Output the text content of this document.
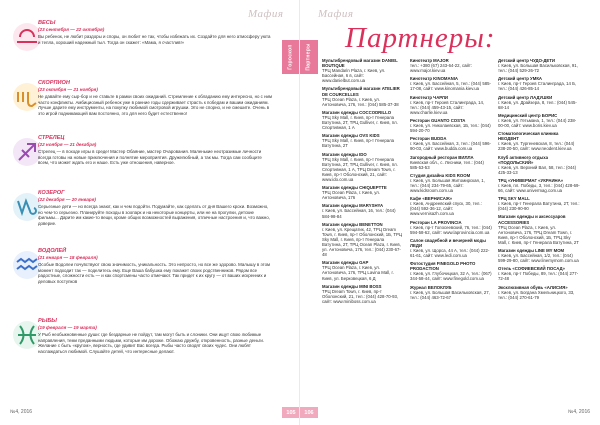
Мафия
Гороскоп
ВЕСЫ
(23 сентября — 22 октября)
Вы ребенок, не любит раздоры и споры, он любит не так, чтобы избежать их. Создайте для него атмосферу уюта и тепла, хороший надежный тыл. Тогда он скажет: «Мама, я счастлив!»
СКОРПИОН
(23 октября — 21 ноября)
Не давайте ему сыр-бор и не ставьте в рамки своих ожиданий. Стремление к обладанию ему интересно, но с ним часто конфликты. Амбициозный ребенок уже в ранние годы сдерживает страсть к победам и вашим ожиданиям. Лучше дарите ему инструменты, на покупку любимой смотровой игрушки. Это не спорно, и не смешите. Очень в это игрой поднимающей вам постоянно, это для него будет естественно!
СТРЕЛЕЦ
(22 ноября — 21 декабря)
Стрелец — в походе игры в среде! Мастер Обаяние, мастер Очарования. Маленькие неотразимые личности всегда готовы на новые приключения и полнятие мероприятия. Дружелюбный, а так мы. Тогда сам сообщите всем, что может ждать его и наше. Есть уже отношения, наверное.
КОЗЕРОГ
(22 декабря — 20 января)
Серьезные дети — но всегда знают, как и чем подойти. Подумайте, как сделать от дня Вашего крохи. Возможно, но чем-то серьезно. Планируйте походы в зоопарк и на некоторые концерты, или не на прогулки, детские фильмы... Дарите им какие-то вещи, кроме общих возможностей выражения, отличные настроения и, что важно, доверие.
ВОДОЛЕЙ
(21 января — 18 февраля)
Особые Водолеи почувствуют свою значимость, уникальность. Это непросто, но все же здорово. Малышу в этом момент подходит так — поделитесь ему. Еще Ваша бабушка ему покажет своих родственников. Рядом все радостные, сложности есть — и как спортсмены часто отмечают. Так придет к их кругу — от ваших искренних и деловых поступков
РЫБЫ
(19 февраля — 19 марта)
У Рыб необыкновенные души: где бездарные не пойдут, там могут быть и слоники. Они ищут свою любимые направления, теми преданными людьми, которые им дороже. Обожаю дружбу, откровенность, разные деньги. Желание с быть «кругом», верность, где удивит Вас всегда. Рыбы часто сводят своих чудес. Они любят наслаждаться любимой. Слушайте детей, что интересные делают.
№4, 2016	105
Мафия
Партнеры
№4, 2016
106
Партнеры:
Мультибрендовый магазин DANIEL BOUTIQUE
ТРЦ Mandarin Plaza, г. Киев, ул. Бассейная, 6 в, сайт: www.danielbut.com.ua
Мультибрендовый магазин ATELIER DE COURCELLES
ТРЦ Ocean Plaza, г. Киев, ул. Антоновича, 176, тел.: (044) 585-37-38
Магазин одежды COCCODRILLO
ТРЦ Sky Mall, г. Киев, пр-т Генерала Ватутина, 2Т, ТРЦ Gulliver, г. Киев, пл. Спортивная, 1 А
Магазин одежды OVS KIDS
ТРЦ Sky Mall, г. Киев, пр-т Генерала Ватутина, 2Т
Магазин одежды IDO
ТРЦ Sky Mall, г. Киев, пр-т Генерала Ватутина, 2Т, ТРЦ Gulliver, г. Киев, пл. Спортивная, 1 А, ТРЦ Dream Town, г. Киев, пр-т Оболонский, 21, сайт: www.ido.com.ua
Магазин одежды CHIQUEPTTE
ТРЦ Ocean Plaza, г. Киев, ул. Антоновича, 176
Магазин одежды MARYSHYA
г. Киев, ул. Бассейная, 16, тел.: (044) 584-98-84
Магазин одежды BENETTON
г. Киев, ул. Крещатик, 42, ТРЦ Dream Town, г. Киев, пр-т Оболонский, 1Б, ТРЦ Sky Mall, г. Киев, пр-т Генерала Ватутина, 2Т, ТРЦ Ocean Plaza, г. Киев, ул. Антоновича, 176, тел.: (044) 230-67-48
Магазин одежды GAP
ТРЦ Ocean Plaza, г. Киев, ул. Антоновича, 176, ТРЦ Lavina Mall, г. Киев, ул. Берковецкая, 6 Д
Магазин одежды MINI BOSS
ТРЦ Dream Town, г. Киев, пр-т Оболонский, 21, тел.: (044) 428-70-93, сайт: www.miniboss.com.ua
Кинотеатр MAJOR
тел.: +380 (67) 243-64-22, сайт: www.major.kiev.ua
Кинотеатр KINOMANIA
г. Киев, ул. Бассейная, 5, тел.: (044) 585-17-08, сайт: www.kinomania.kiev.ua
Кинотеатр ЧАРЛИ
г. Киев, пр-т Героев Сталинграда, 14, тел.: (044) 459-43-15, сайт: www.charlie.kiev.ua
Ресторан GUANTO COSTA
г. Киев, ул. Николаевская, 1Б, тел.: (044) 594-20-70
Ресторан BUDDA
г. Киев, ул. Бассейная, 3, тел.: (044) 596-90-03, сайт: www.budda.com.ua
Загородный ресторан ВИЛЛА
Киевская обл., с. Лесники, тел.: (044) 585-53-53
Студия дизайна KIDS ROOM
г. Киев, ул. Большая Житомирская, 1, тел.: (044) 234-79-65, сайт: www.kidsroom.com.ua
Кафе «ВЕРНИСАЖ»
г. Киев, Андреевский спуск, 30, тел.: (044) 592-36-12, сайт: www.vernisazh.com.ua
Ресторан LA PROVINCIA
г. Киев, пр-т Голосеевский, 76, тел.: (044) 594-58-62, сайт: www.laprovincia.com.ua
Салон свадебной и вечерней моды ЛЕДИ
г. Киев, ул. Щорса, 44 А, тел.: (044) 222-61-61, сайт: www.ledi.com.ua
Фотостудия FINEGOLD PHOTO PRODACTION
г. Киев, ул. Глубочицкая, 32 А, тел.: (067) 344-58-44, сайт: www.finegold.com.ua
Журнал ВЕЛОКЛУБ
г. Киев, ул. Большая Васильковская, 27, тел.: (044) 463-72-67
Детский центр ЧУДО-ДЕТИ
г. Киев, ул. Большая Васильковская, 91, тел.: (044) 529-26-72
Детский центр УМКА
г. Киев, пр-т Героев Сталинграда, 14 Б, тел.: (044) 426-85-14
Детский центр ЛАДУШКИ
г. Киев, ул. Драйзера, 8, тел.: (044) 545-68-14
Медицинский центр БОРИС
г. Киев, ул. Гетьмана, 1, тел.: (044) 238-00-00, сайт: www.boris.kiev.ua
Стоматологическая клиника НЕОДЕНТ
г. Киев, ул. Тургеневская, 8, тел.: (044) 238-20-50, сайт: www.neodent.kiev.ua
Клуб активного отдыха «ПОДОЛЬСКИЙ»
г. Киев, ул. Верхний Вал, 58, тел.: (044) 425-33-13
ТРЦ «УНИВЕРМАГ «УКРАИНА»
г. Киев, пл. Победы, 3, тел.: (044) 428-69-66, сайт: www.univermag.com.ua
ТРЦ SKY MALL
г. Киев, пр-т Генерала Ватутина, 2Т, тел.: (044) 230-90-90
Магазин одежды и аксессуаров ACCESSORIES
ТРЦ Ocean Plaza, г. Киев, ул. Антоновича, 176, ТРЦ Dream Town, г. Киев, пр-т Оболонский, 1Б, ТРЦ Sky Mall, г. Киев, пр-т Генерала Ватутина, 2Т
Магазин одежды LINE MY MOM
г. Киев, ул. Бассейная, 1/2, тел.: (044) 599-29-80, сайт: www.linemymom.com.ua
Отель «СОФИЕВСКИЙ ПОСАД»
г. Киев, пр-т Победы, 89, тел.: (044) 277-72-48
Эксклюзивная обувь «АЛИСИЯ»
г. Киев, ул. Богдана Хмельницкого, 33, тел.: (044) 270-61-79
